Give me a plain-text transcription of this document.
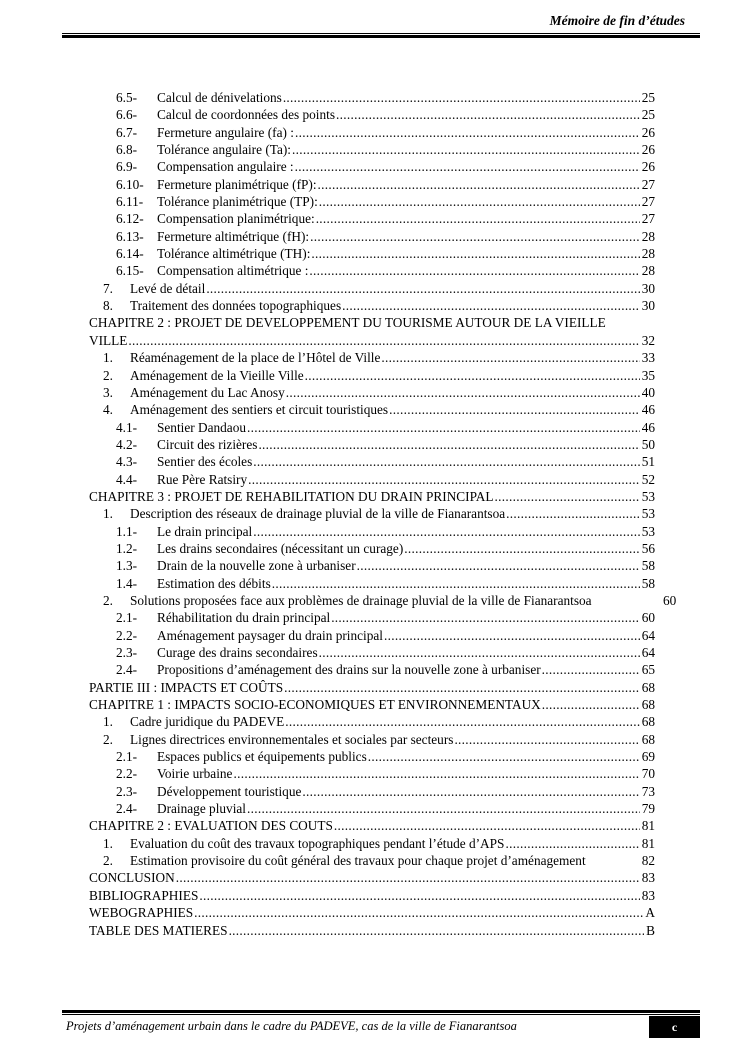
Mémoire de fin d’études
6.5- Calcul de dénivelations	25
.....
6.6- Calcul de coordonnées des points	25
.....
6.7- Fermeture angulaire (fa) :	26
.....
6.8- Tolérance angulaire (Ta):	26
.....
6.9- Compensation angulaire :	26
.....
6.10- Fermeture planimétrique (fP):	27
.....
6.11- Tolérance planimétrique (TP):	27
.....
6.12- Compensation planimétrique:	27
.....
6.13- Fermeture altimétrique (fH):	28
.....
6.14- Tolérance altimétrique (TH):	28
.....
6.15- Compensation altimétrique :	28
.....
7. Levé de détail	30
.....
8. Traitement des données topographiques	30
.....
CHAPITRE 2 : PROJET DE DEVELOPPEMENT DU TOURISME AUTOUR DE LA VIEILLE
VILLE	32
.....
1. Réaménagement de la place de l’Hôtel de Ville	33
.....
2. Aménagement de la Vieille Ville	35
.....
3. Aménagement du Lac Anosy	40
.....
4. Aménagement des sentiers et circuit touristiques	46
.....
4.1- Sentier Dandaou	46
.....
4.2- Circuit des rizières	50
.....
4.3- Sentier des écoles	51
.....
4.4- Rue Père Ratsiry	52
.....
CHAPITRE 3 : PROJET DE REHABILITATION DU DRAIN PRINCIPAL	53
.....
1. Description des réseaux de drainage pluvial de la ville de Fianarantsoa	53
.....
1.1- Le drain principal	53
.....
1.2- Les drains secondaires (nécessitant un curage)	56
.....
1.3- Drain de la nouvelle zone à urbaniser	58
.....
1.4- Estimation des débits	58
.....
2. Solutions proposées face aux problèmes de drainage pluvial de la ville de Fianarantsoa	60
2.1- Réhabilitation du drain principal	60
.....
2.2- Aménagement paysager du drain principal	64
.....
2.3- Curage des drains secondaires	64
.....
2.4- Propositions d’aménagement des drains sur la nouvelle zone à urbaniser	65
.....
PARTIE III : IMPACTS ET COÛTS	68
.....
CHAPITRE 1 : IMPACTS SOCIO-ECONOMIQUES ET ENVIRONNEMENTAUX	68
.....
1. Cadre juridique du PADEVE	68
.....
2. Lignes directrices environnementales et sociales par secteurs	68
.....
2.1- Espaces publics et équipements publics	69
.....
2.2- Voirie urbaine	70
.....
2.3- Développement touristique	73
.....
2.4- Drainage pluvial	79
.....
CHAPITRE 2 : EVALUATION DES COUTS	81
.....
1. Evaluation du coût des travaux topographiques pendant l’étude d’APS	81
.....
2. Estimation provisoire du coût général des travaux pour chaque projet d’aménagement	82
CONCLUSION	83
.....
BIBLIOGRAPHIES	83
.....
WEBOGRAPHIES	A
.....
TABLE DES MATIERES	B
.....
Projets d’aménagement urbain dans le cadre du PADEVE, cas de la ville de Fianarantsoa	c
